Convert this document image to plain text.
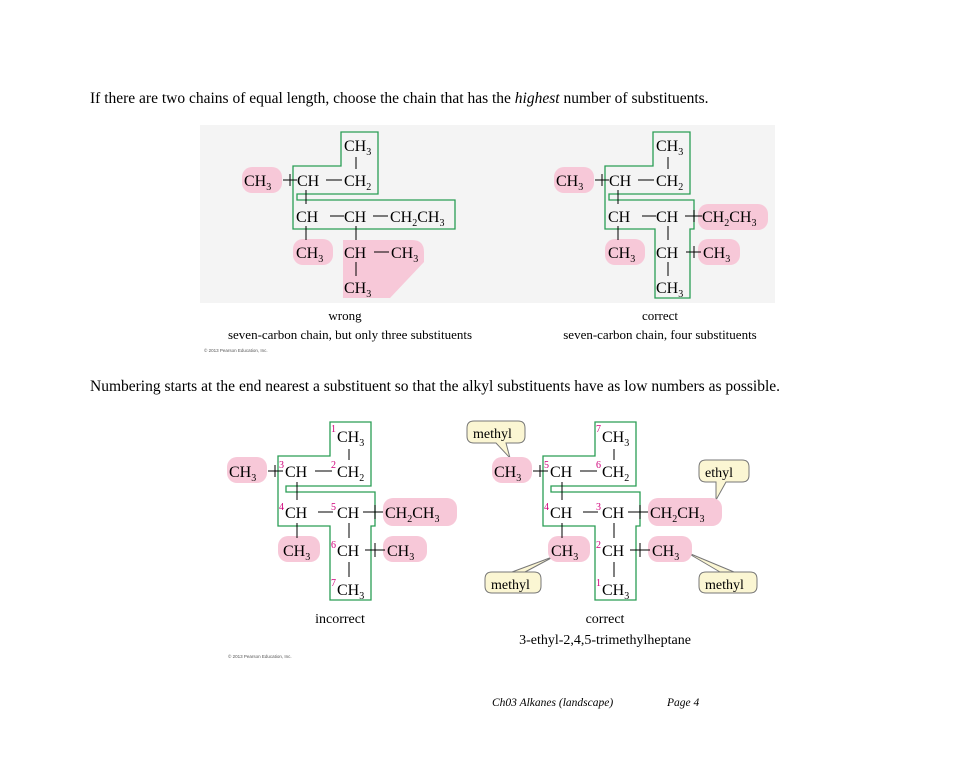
If there are two chains of equal length, choose the chain that has the highest number of substituents.
$CH_3$
$CH_3$ CH $CH_2$
CH CH $CH_2CH_3$
$CH_3$ CH $CH_3$
$CH_3$
$CH_3$
$CH_3$ CH $CH_2$
CH CH $CH_2CH_3$
$CH_3$ CH $CH_3$
$CH_3$
1 $CH_3$
$CH_3$
3 CH 2 $CH_2$
4 CH 5 CH $CH_2CH_3$
$CH_3$
6 CH $CH_3$
7 $CH_3$
methyl
ethyl
methyl	methyl
7 $CH_3$
$CH_3$
5 CH 6 $CH_2$
4 CH 3 CH $CH_2CH_3$
$CH_3$
2 CH $CH_3$
1 $CH_3$
wrong
seven-carbon chain, but only three substituents
correct
seven-carbon chain, four substituents
© 2013 Pearson Education, Inc.
Numbering starts at the end nearest a substituent so that the alkyl substituents have as low numbers as possible.
incorrect	correct
3-ethyl-2,4,5-trimethylheptane
© 2013 Pearson Education, Inc.
Ch03 Alkanes (landscape)	Page 4
